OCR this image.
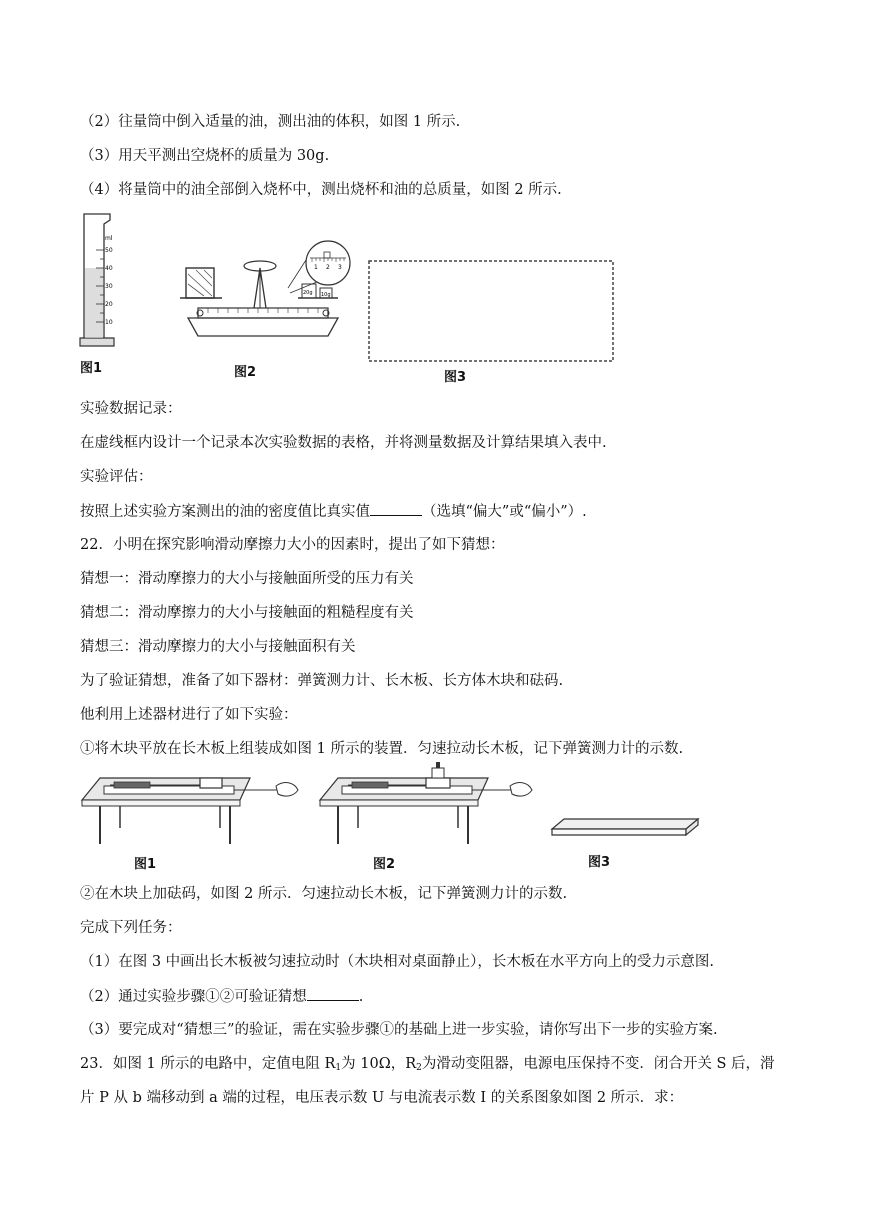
（2）往量筒中倒入适量的油，测出油的体积，如图 1 所示.
（3）用天平测出空烧杯的质量为 30g.
（4）将量筒中的油全部倒入烧杯中，测出烧杯和油的总质量，如图 2 所示.
ml
50
40
30
20
10
图1
20g 10g
1 2 3
图2	图3
实验数据记录：
在虚线框内设计一个记录本次实验数据的表格，并将测量数据及计算结果填入表中.
实验评估：
按照上述实验方案测出的油的密度值比真实值	（选填“偏大”或“偏小”）.
22．小明在探究影响滑动摩擦力大小的因素时，提出了如下猜想：
猜想一：滑动摩擦力的大小与接触面所受的压力有关
猜想二：滑动摩擦力的大小与接触面的粗糙程度有关
猜想三：滑动摩擦力的大小与接触面积有关
为了验证猜想，准备了如下器材：弹簧测力计、长木板、长方体木块和砝码.
他利用上述器材进行了如下实验：
①将木块平放在长木板上组装成如图 1 所示的装置．匀速拉动长木板，记下弹簧测力计的示数.
图1	图2	图3
②在木块上加砝码，如图 2 所示．匀速拉动长木板，记下弹簧测力计的示数.
完成下列任务：
（1）在图 3 中画出长木板被匀速拉动时（木块相对桌面静止），长木板在水平方向上的受力示意图.
（2）通过实验步骤①②可验证猜想	.
（3）要完成对“猜想三”的验证，需在实验步骤①的基础上进一步实验，请你写出下一步的实验方案.
23．如图 1 所示的电路中，定值电阻 $R_1$为 10Ω，$R_2$为滑动变阻器，电源电压保持不变．闭合开关 S 后，滑
片 P 从 b 端移动到 a 端的过程，电压表示数 U 与电流表示数 I 的关系图象如图 2 所示．求：
